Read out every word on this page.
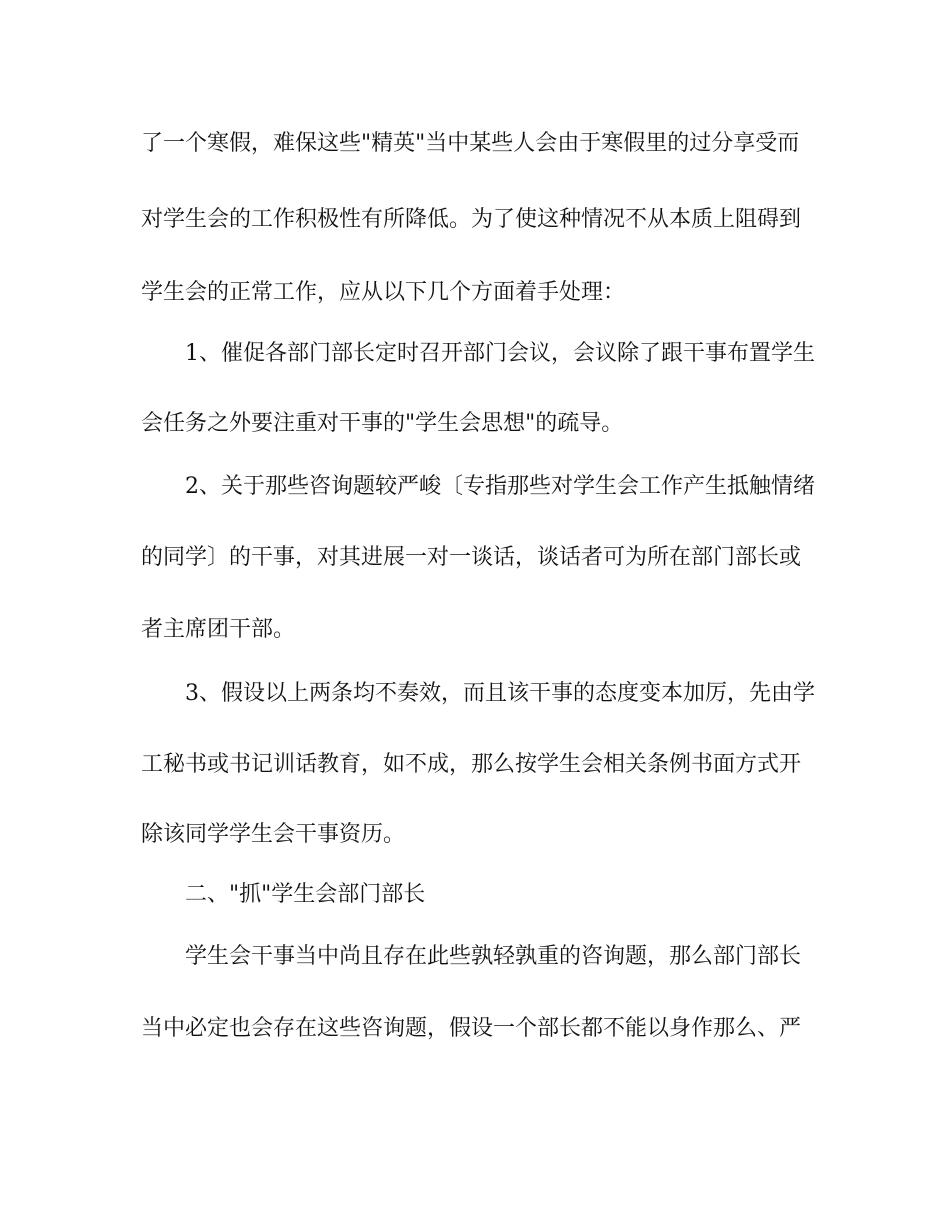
了一个寒假，难保这些"精英"当中某些人会由于寒假里的过分享受而
对学生会的工作积极性有所降低。为了使这种情况不从本质上阻碍到
学生会的正常工作，应从以下几个方面着手处理：
1、催促各部门部长定时召开部门会议，会议除了跟干事布置学生
会任务之外要注重对干事的"学生会思想"的疏导。
2、关于那些咨询题较严峻〔专指那些对学生会工作产生抵触情绪
的同学〕的干事，对其进展一对一谈话，谈话者可为所在部门部长或
者主席团干部。
3、假设以上两条均不奏效，而且该干事的态度变本加厉，先由学
工秘书或书记训话教育，如不成，那么按学生会相关条例书面方式开
除该同学学生会干事资历。
二、"抓"学生会部门部长
学生会干事当中尚且存在此些孰轻孰重的咨询题，那么部门部长
当中必定也会存在这些咨询题，假设一个部长都不能以身作那么、严
